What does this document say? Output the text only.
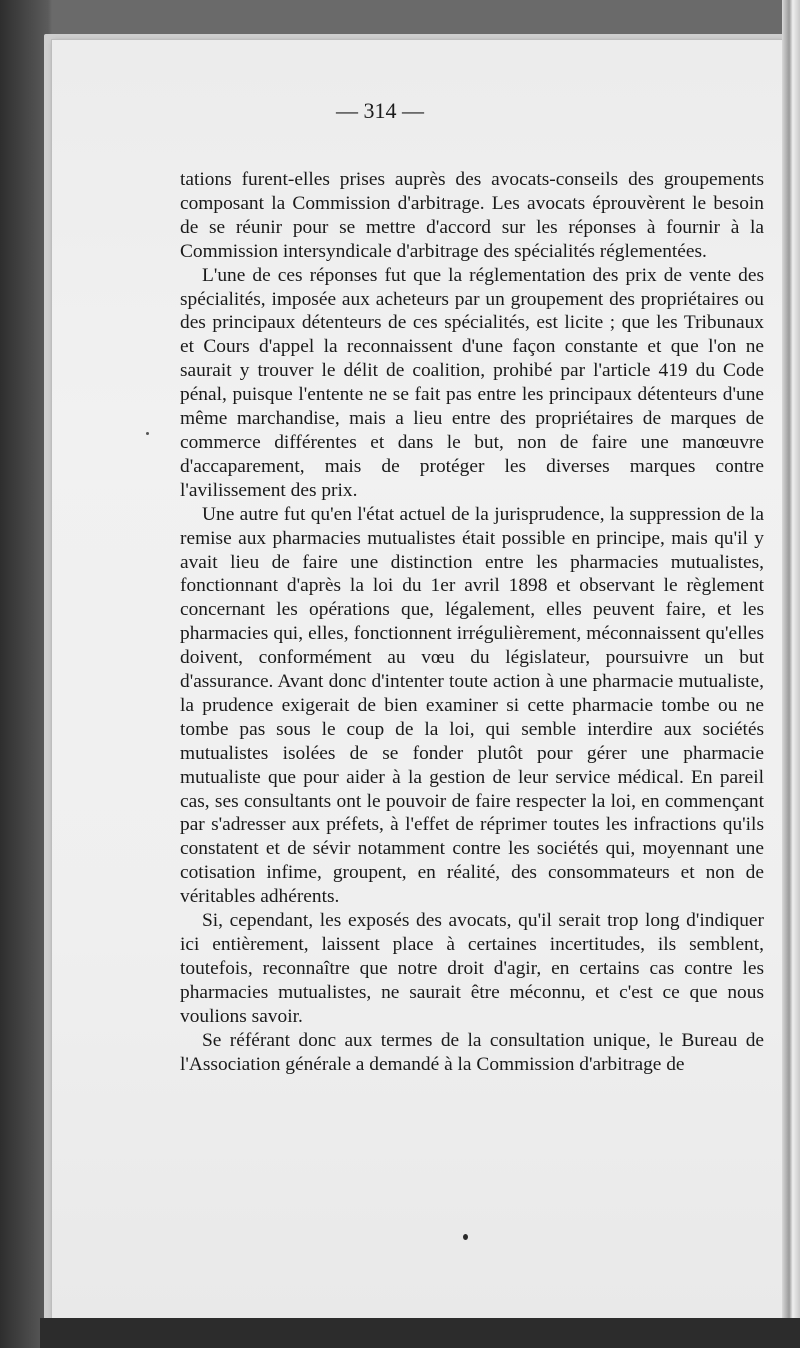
— 314 —

tations furent-elles prises auprès des avocats-conseils des groupements composant la Commission d'arbitrage. Les avocats éprouvèrent le besoin de se réunir pour se mettre d'accord sur les réponses à fournir à la Commission intersyndicale d'arbitrage des spécialités réglementées.

L'une de ces réponses fut que la réglementation des prix de vente des spécialités, imposée aux acheteurs par un groupement des propriétaires ou des principaux détenteurs de ces spécialités, est licite ; que les Tribunaux et Cours d'appel la reconnaissent d'une façon constante et que l'on ne saurait y trouver le délit de coalition, prohibé par l'article 419 du Code pénal, puisque l'entente ne se fait pas entre les principaux détenteurs d'une même marchandise, mais a lieu entre des propriétaires de marques de commerce différentes et dans le but, non de faire une manœuvre d'accaparement, mais de protéger les diverses marques contre l'avilissement des prix.

Une autre fut qu'en l'état actuel de la jurisprudence, la suppression de la remise aux pharmacies mutualistes était possible en principe, mais qu'il y avait lieu de faire une distinction entre les pharmacies mutualistes, fonctionnant d'après la loi du 1er avril 1898 et observant le règlement concernant les opérations que, légalement, elles peuvent faire, et les pharmacies qui, elles, fonctionnent irrégulièrement, méconnaissent qu'elles doivent, conformément au vœu du législateur, poursuivre un but d'assurance. Avant donc d'intenter toute action à une pharmacie mutualiste, la prudence exigerait de bien examiner si cette pharmacie tombe ou ne tombe pas sous le coup de la loi, qui semble interdire aux sociétés mutualistes isolées de se fonder plutôt pour gérer une pharmacie mutualiste que pour aider à la gestion de leur service médical. En pareil cas, ses consultants ont le pouvoir de faire respecter la loi, en commençant par s'adresser aux préfets, à l'effet de réprimer toutes les infractions qu'ils constatent et de sévir notamment contre les sociétés qui, moyennant une cotisation infime, groupent, en réalité, des consommateurs et non de véritables adhérents.

Si, cependant, les exposés des avocats, qu'il serait trop long d'indiquer ici entièrement, laissent place à certaines incertitudes, ils semblent, toutefois, reconnaître que notre droit d'agir, en certains cas contre les pharmacies mutualistes, ne saurait être méconnu, et c'est ce que nous voulions savoir.

Se référant donc aux termes de la consultation unique, le Bureau de l'Association générale a demandé à la Commission d'arbitrage de
